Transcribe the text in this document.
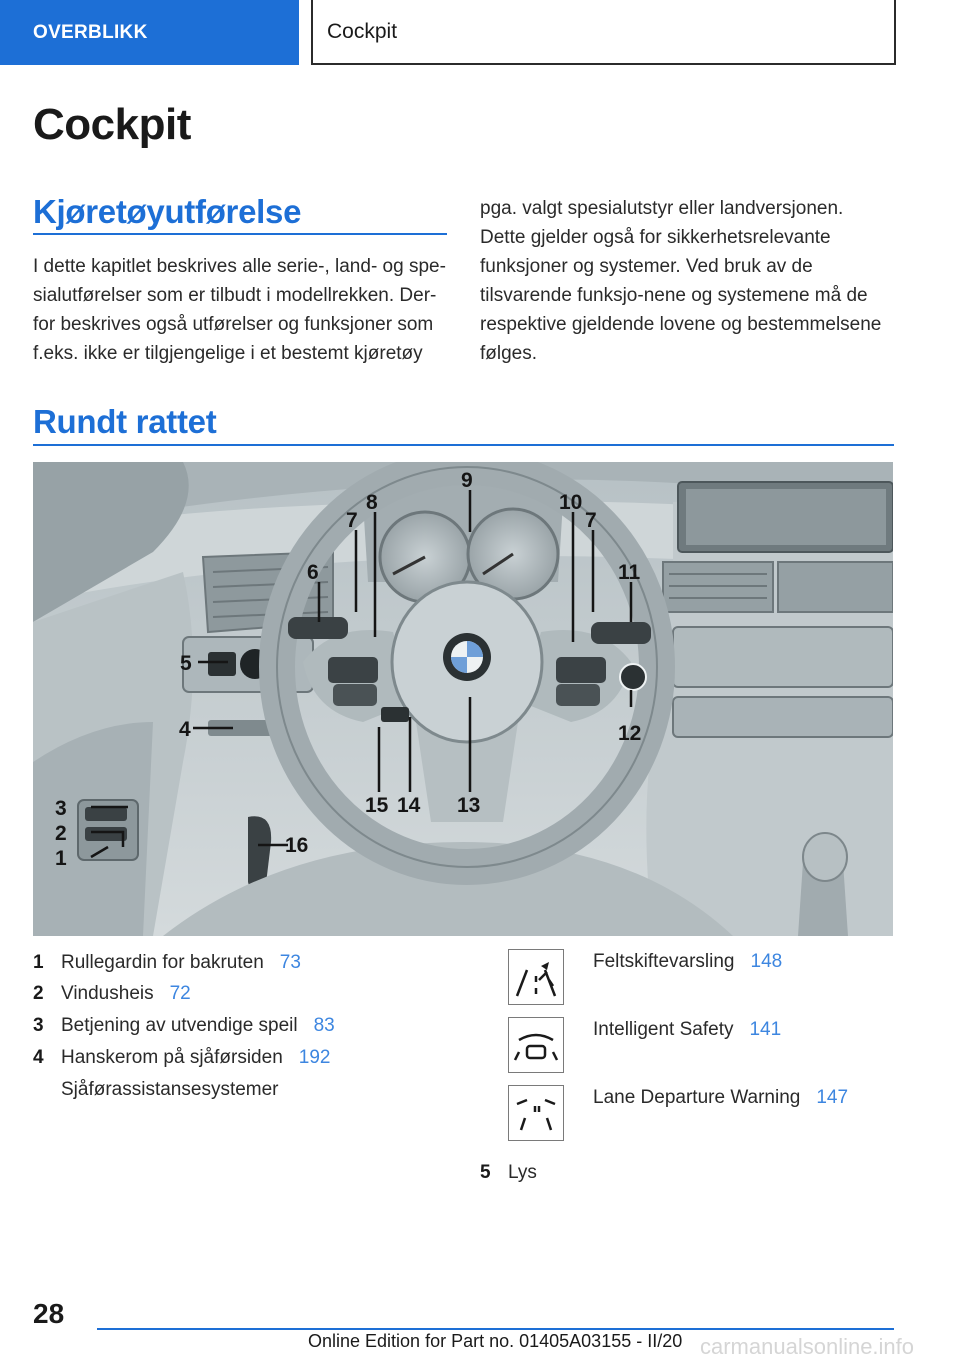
OVERBLIKK	Cockpit
Cockpit
Kjøretøyutførelse
I dette kapitlet beskrives alle serie-, land- og spe-sialutførelser som er tilbudt i modellrekken. Der-for beskrives også utførelser og funksjoner som f.eks. ikke er tilgjengelige i et bestemt kjøretøy
pga. valgt spesialutstyr eller landversjonen. Dette gjelder også for sikkerhetsrelevante funksjoner og systemer. Ved bruk av de tilsvarende funksjo-nene og systemene må de respektive gjeldende lovene og bestemmelsene følges.
Rundt rattet
1
2
3
4
5
6
7
8
9
10
7
11
12
13
14
15
16
1 Rullegardin for bakruten 73
2 Vindusheis 72
3 Betjening av utvendige speil 83
4 Hanskerom på sjåførsiden 192
Sjåførassistansesystemer
Feltskiftevarsling 148
Intelligent Safety 141
Lane Departure Warning 147
5 Lys
28
Online Edition for Part no. 01405A03155 - II/20 carmanualsonline.info
